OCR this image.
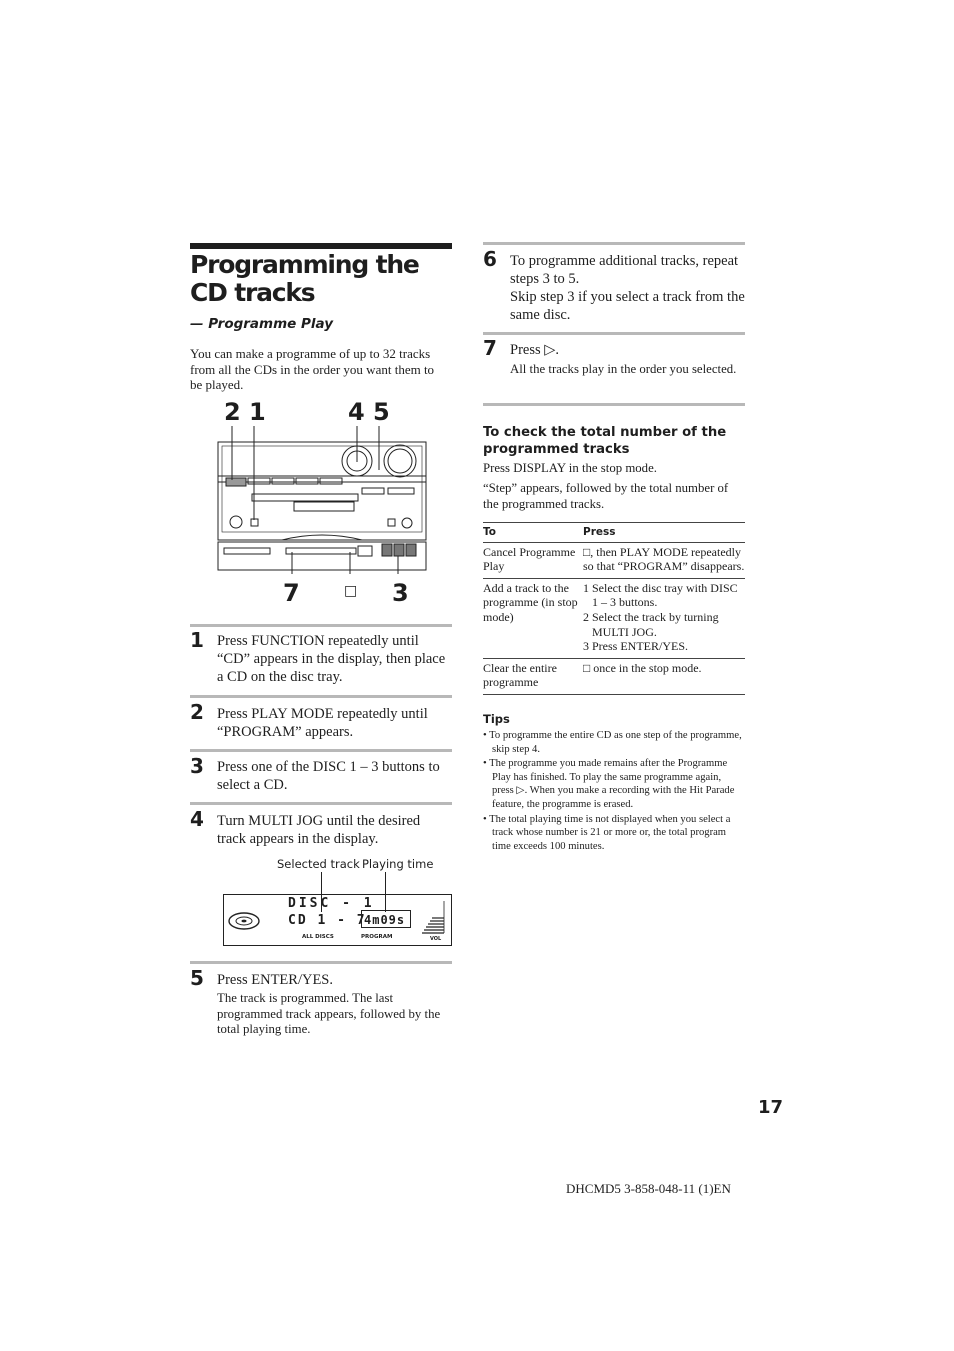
Programming the CD tracks
— Programme Play
You can make a programme of up to 32 tracks from all the CDs in the order you want them to be played.
2 1	4 5
7	□ 3
1 Press FUNCTION repeatedly until “CD” appears in the display, then place a CD on the disc tray.
2 Press PLAY MODE repeatedly until “PROGRAM” appears.
3 Press one of the DISC 1 – 3 buttons to select a CD.
4 Turn MULTI JOG until the desired track appears in the display.
Selected track Playing time
DISC - 1
CD 1 - 7
4m09s
ALL DISCS	PROGRAM	VOL
5 Press ENTER/YES.
The track is programmed. The last programmed track appears, followed by the total playing time.
6 To programme additional tracks, repeat steps 3 to 5.
Skip step 3 if you select a track from the same disc.
7 Press ▷.
All the tracks play in the order you selected.
To check the total number of the programmed tracks
Press DISPLAY in the stop mode.
“Step” appears, followed by the total number of the programmed tracks.
To	Press
Cancel Programme Play	□, then PLAY MODE repeatedly so that “PROGRAM” disappears.
Add a track to the programme (in stop mode)	1 Select the disc tray with DISC 1 – 3 buttons.
2 Select the track by turning MULTI JOG.
3 Press ENTER/YES.

Clear the entire programme	□ once in the stop mode.
Tips
• To programme the entire CD as one step of the programme, skip step 4.
• The programme you made remains after the Programme Play has finished. To play the same programme again, press ▷. When you make a recording with the Hit Parade feature, the programme is erased.
• The total playing time is not displayed when you select a track whose number is 21 or more or, the total program time exceeds 100 minutes.
17
DHCMD5 3-858-048-11 (1)EN
